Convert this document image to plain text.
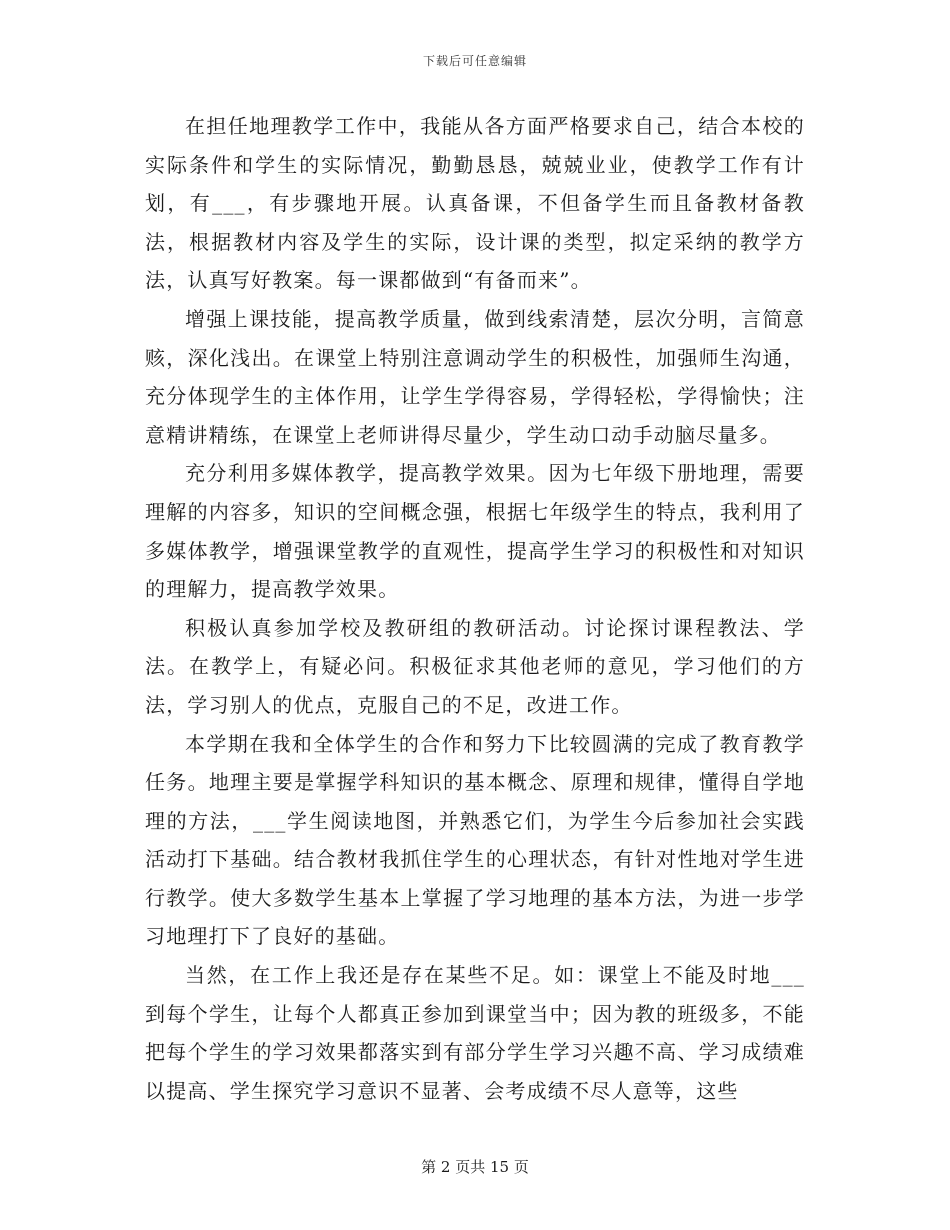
下载后可任意编辑

在担任地理教学工作中，我能从各方面严格要求自己，结合本校的实际条件和学生的实际情况，勤勤恳恳，兢兢业业，使教学工作有计划，有___，有步骤地开展。认真备课，不但备学生而且备教材备教法，根据教材内容及学生的实际，设计课的类型，拟定采纳的教学方法，认真写好教案。每一课都做到“有备而来”。

增强上课技能，提高教学质量，做到线索清楚，层次分明，言简意赅，深化浅出。在课堂上特别注意调动学生的积极性，加强师生沟通，充分体现学生的主体作用，让学生学得容易，学得轻松，学得愉快；注意精讲精练，在课堂上老师讲得尽量少，学生动口动手动脑尽量多。

充分利用多媒体教学，提高教学效果。因为七年级下册地理，需要理解的内容多，知识的空间概念强，根据七年级学生的特点，我利用了多媒体教学，增强课堂教学的直观性，提高学生学习的积极性和对知识的理解力，提高教学效果。

积极认真参加学校及教研组的教研活动。讨论探讨课程教法、学法。在教学上，有疑必问。积极征求其他老师的意见，学习他们的方法，学习别人的优点，克服自己的不足，改进工作。

本学期在我和全体学生的合作和努力下比较圆满的完成了教育教学任务。地理主要是掌握学科知识的基本概念、原理和规律，懂得自学地理的方法，___学生阅读地图，并熟悉它们，为学生今后参加社会实践活动打下基础。结合教材我抓住学生的心理状态，有针对性地对学生进行教学。使大多数学生基本上掌握了学习地理的基本方法，为进一步学习地理打下了良好的基础。

当然，在工作上我还是存在某些不足。如：课堂上不能及时地___到每个学生，让每个人都真正参加到课堂当中；因为教的班级多，不能把每个学生的学习效果都落实到有部分学生学习兴趣不高、学习成绩难以提高、学生探究学习意识不显著、会考成绩不尽人意等，这些

第 2 页共 15 页
